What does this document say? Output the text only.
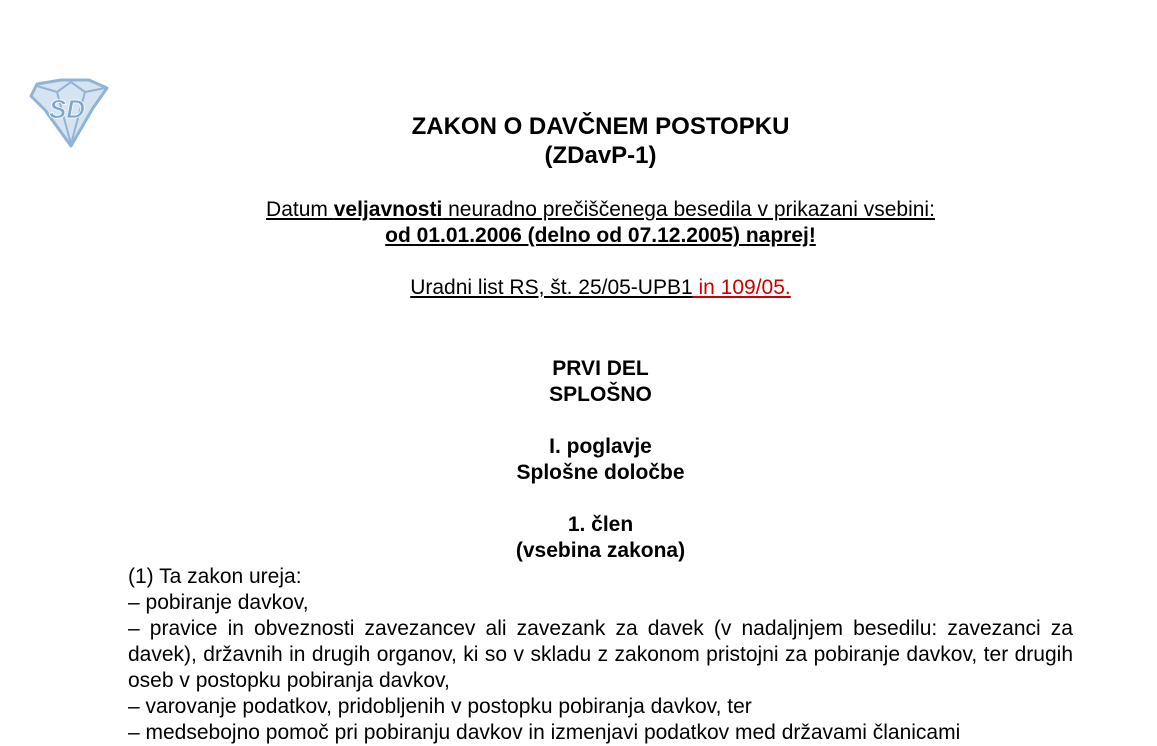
SD
ZAKON O DAVČNEM POSTOPKU
(ZDavP-1)
Datum veljavnosti neuradno prečiščenega besedila v prikazani vsebini:
od 01.01.2006 (delno od 07.12.2005) naprej!
Uradni list RS, št. 25/05-UPB1 in 109/05.
PRVI DEL
SPLOŠNO
I. poglavje
Splošne določbe
1. člen
(vsebina zakona)

(1) Ta zakon ureja:

– pobiranje davkov,

– pravice in obveznosti zavezancev ali zavezank za davek (v nadaljnjem besedilu: zavezanci za davek), državnih in drugih organov, ki so v skladu z zakonom pristojni za pobiranje davkov, ter drugih oseb v postopku pobiranja davkov,

– varovanje podatkov, pridobljenih v postopku pobiranja davkov, ter

– medsebojno pomoč pri pobiranju davkov in izmenjavi podatkov med državami članicami
